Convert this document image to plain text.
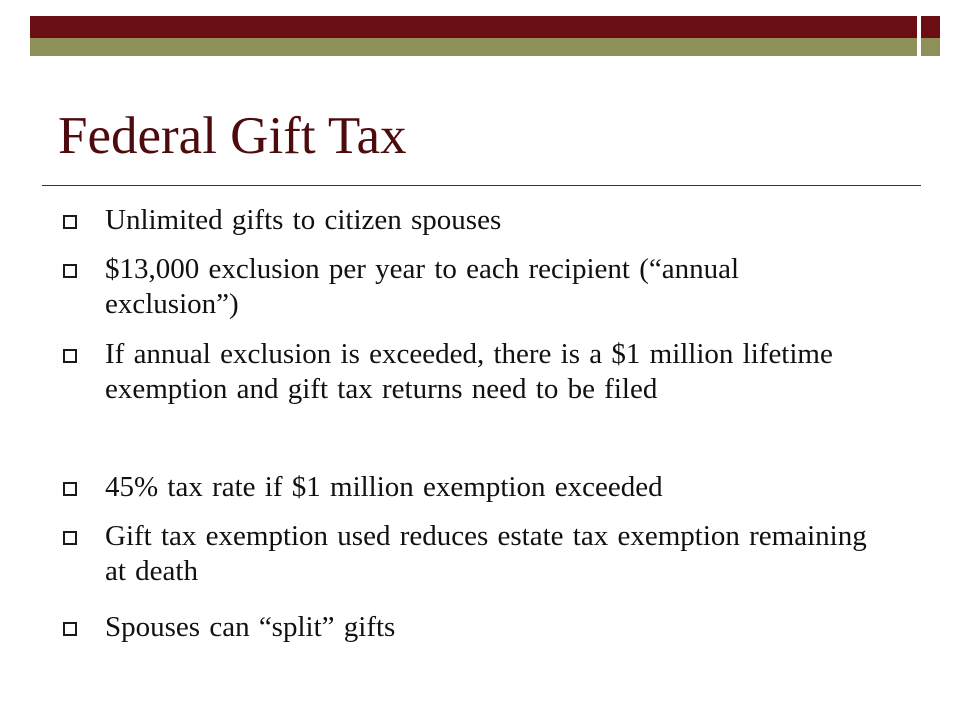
Federal Gift Tax
Unlimited gifts to citizen spouses
$13,000 exclusion per year to each recipient (“annual exclusion”)
If annual exclusion is exceeded, there is a $1 million lifetime exemption and gift tax returns need to be filed
45% tax rate if $1 million exemption exceeded
Gift tax exemption used reduces estate tax exemption remaining at death
Spouses can “split” gifts
